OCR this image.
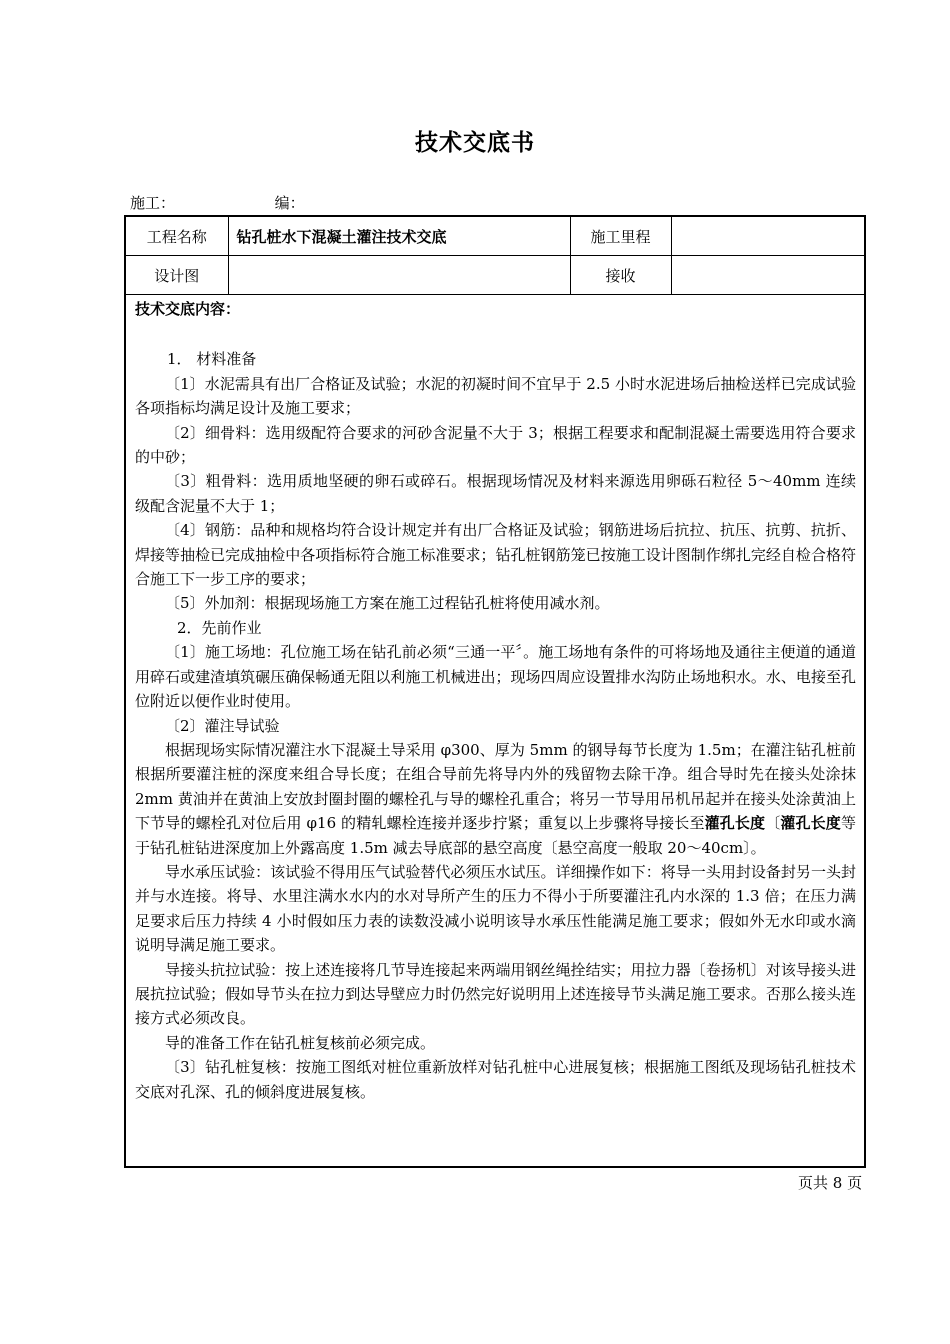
技术交底书
施工：	编：
工程名称	钻孔桩水下混凝土灌注技术交底	施工里程	
设计图		接收	

技术交底内容：

1． 材料准备

〔1〕水泥需具有出厂合格证及试验；水泥的初凝时间不宜早于 2.5 小时水泥进场后抽检送样已完成试验各项指标均满足设计及施工要求；

〔2〕细骨料：选用级配符合要求的河砂含泥量不大于 3；根据工程要求和配制混凝土需要选用符合要求的中砂；

〔3〕粗骨料：选用质地坚硬的卵石或碎石。根据现场情况及材料来源选用卵砾石粒径 5～40mm 连续级配含泥量不大于 1；

〔4〕钢筋：品种和规格均符合设计规定并有出厂合格证及试验；钢筋进场后抗拉、抗压、抗剪、抗折、焊接等抽检已完成抽检中各项指标符合施工标准要求；钻孔桩钢筋笼已按施工设计图制作绑扎完经自检合格符合施工下一步工序的要求；

〔5〕外加剂：根据现场施工方案在施工过程钻孔桩将使用减水剂。

2．先前作业

〔1〕施工场地：孔位施工场在钻孔前必须“三通一平〞。施工场地有条件的可将场地及通往主便道的通道用碎石或建渣填筑碾压确保畅通无阻以利施工机械进出；现场四周应设置排水沟防止场地积水。水、电接至孔位附近以便作业时使用。

〔2〕灌注导试验

根据现场实际情况灌注水下混凝土导采用 φ300、厚为 5mm 的钢导每节长度为 1.5m；在灌注钻孔桩前根据所要灌注桩的深度来组合导长度；在组合导前先将导内外的残留物去除干净。组合导时先在接头处涂抹 2mm 黄油并在黄油上安放封圈封圈的螺栓孔与导的螺栓孔重合；将另一节导用吊机吊起并在接头处涂黄油上下节导的螺栓孔对位后用 φ16 的精轧螺栓连接并逐步拧紧；重复以上步骤将导接长至灌孔长度〔灌孔长度等于钻孔桩钻进深度加上外露高度 1.5m 减去导底部的悬空高度〔悬空高度一般取 20～40cm〕。

导水承压试验：该试验不得用压气试验替代必须压水试压。详细操作如下：将导一头用封设备封另一头封并与水连接。将导、水里注满水水内的水对导所产生的压力不得小于所要灌注孔内水深的 1.3 倍；在压力满足要求后压力持续 4 小时假如压力表的读数没减小说明该导水承压性能满足施工要求；假如外无水印或水滴说明导满足施工要求。

导接头抗拉试验：按上述连接将几节导连接起来两端用钢丝绳拴结实；用拉力器〔卷扬机〕对该导接头进展抗拉试验；假如导节头在拉力到达导壁应力时仍然完好说明用上述连接导节头满足施工要求。否那么接头连接方式必须改良。

导的准备工作在钻孔桩复核前必须完成。

〔3〕钻孔桩复核：按施工图纸对桩位重新放样对钻孔桩中心进展复核；根据施工图纸及现场钻孔桩技术交底对孔深、孔的倾斜度进展复核。

页共 8 页
